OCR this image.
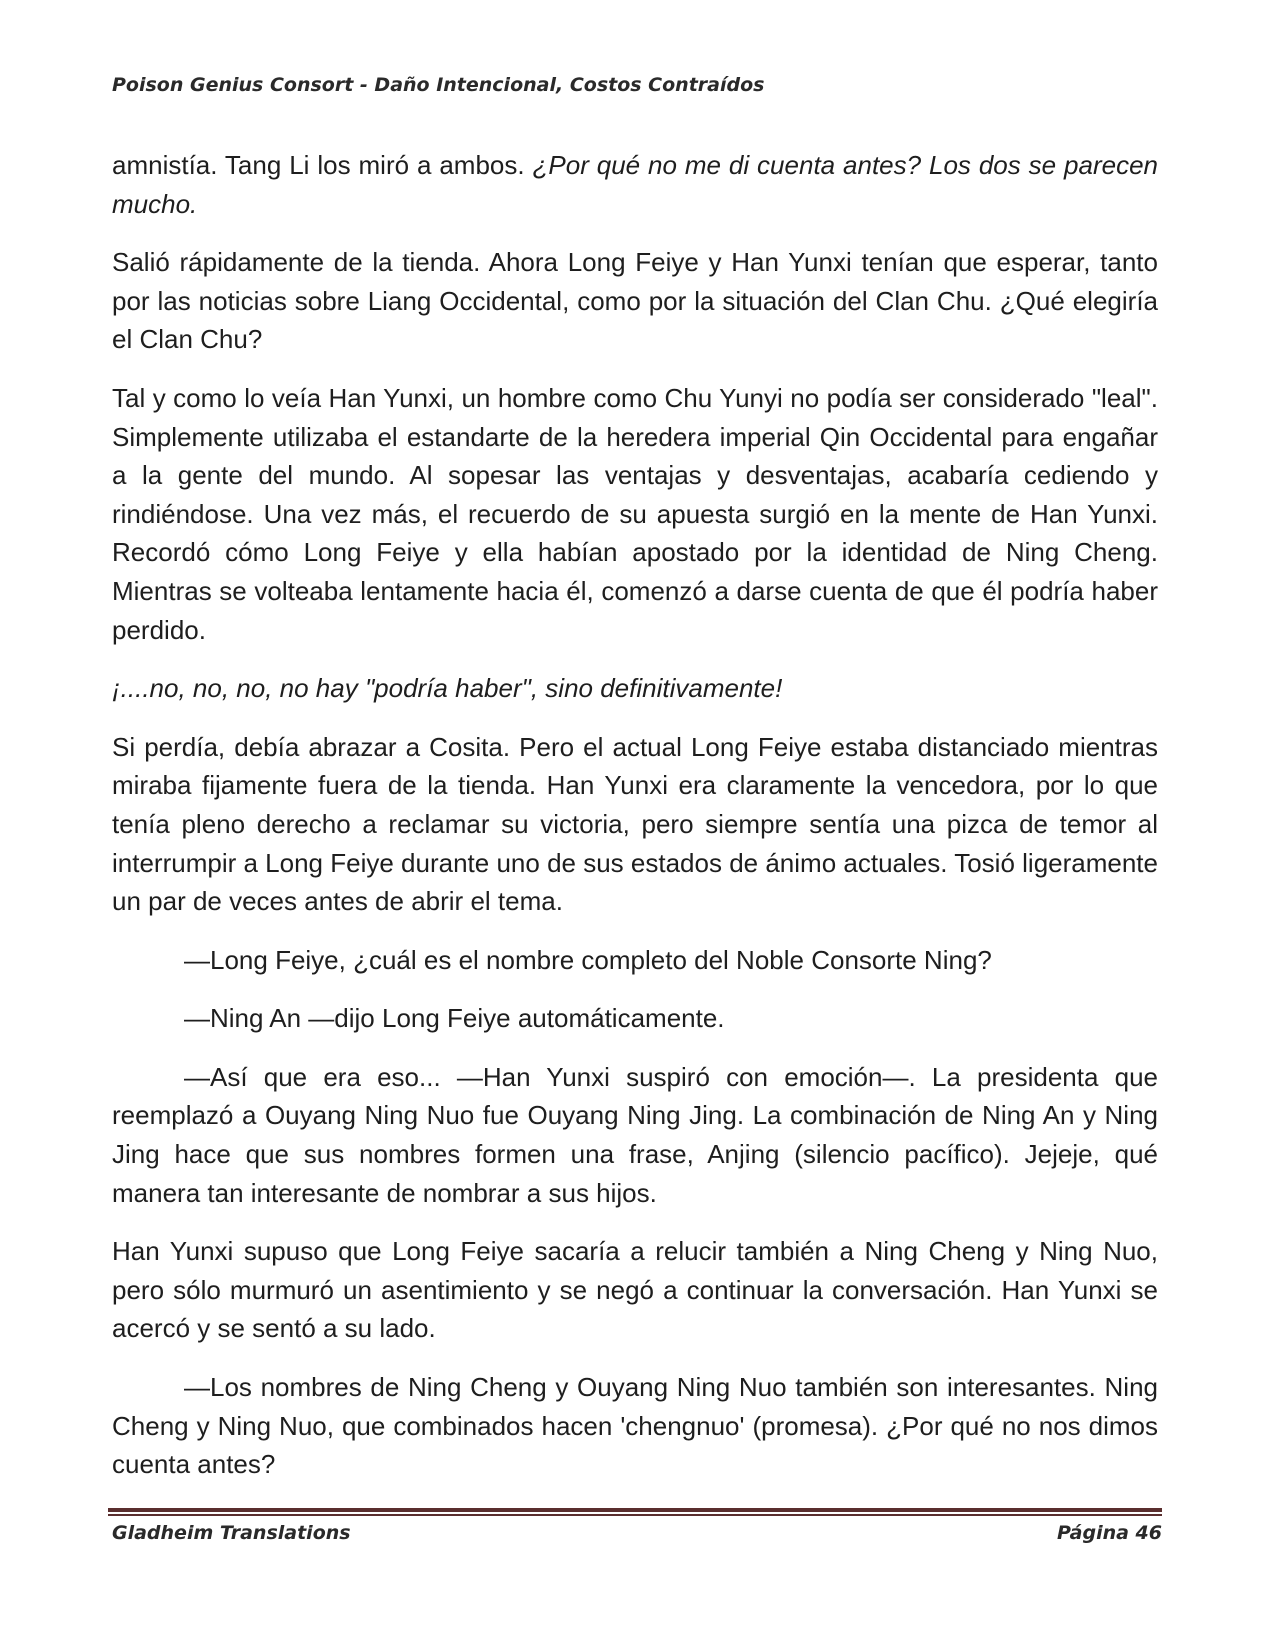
Poison Genius Consort - Daño Intencional, Costos Contraídos

amnistía. Tang Li los miró a ambos. ¿Por qué no me di cuenta antes? Los dos se parecen mucho.

Salió rápidamente de la tienda. Ahora Long Feiye y Han Yunxi tenían que esperar, tanto por las noticias sobre Liang Occidental, como por la situación del Clan Chu. ¿Qué elegiría el Clan Chu?

Tal y como lo veía Han Yunxi, un hombre como Chu Yunyi no podía ser considerado "leal". Simplemente utilizaba el estandarte de la heredera imperial Qin Occidental para engañar a la gente del mundo. Al sopesar las ventajas y desventajas, acabaría cediendo y rindiéndose. Una vez más, el recuerdo de su apuesta surgió en la mente de Han Yunxi. Recordó cómo Long Feiye y ella habían apostado por la identidad de Ning Cheng. Mientras se volteaba lentamente hacia él, comenzó a darse cuenta de que él podría haber perdido.

¡....no, no, no, no hay "podría haber", sino definitivamente!

Si perdía, debía abrazar a Cosita. Pero el actual Long Feiye estaba distanciado mientras miraba fijamente fuera de la tienda. Han Yunxi era claramente la vencedora, por lo que tenía pleno derecho a reclamar su victoria, pero siempre sentía una pizca de temor al interrumpir a Long Feiye durante uno de sus estados de ánimo actuales. Tosió ligeramente un par de veces antes de abrir el tema.

—Long Feiye, ¿cuál es el nombre completo del Noble Consorte Ning?

—Ning An —dijo Long Feiye automáticamente.

—Así que era eso... —Han Yunxi suspiró con emoción—. La presidenta que reemplazó a Ouyang Ning Nuo fue Ouyang Ning Jing. La combinación de Ning An y Ning Jing hace que sus nombres formen una frase, Anjing (silencio pacífico). Jejeje, qué manera tan interesante de nombrar a sus hijos.

Han Yunxi supuso que Long Feiye sacaría a relucir también a Ning Cheng y Ning Nuo, pero sólo murmuró un asentimiento y se negó a continuar la conversación. Han Yunxi se acercó y se sentó a su lado.

—Los nombres de Ning Cheng y Ouyang Ning Nuo también son interesantes. Ning Cheng y Ning Nuo, que combinados hacen 'chengnuo' (promesa). ¿Por qué no nos dimos cuenta antes?

Gladheim Translations	Página 46
